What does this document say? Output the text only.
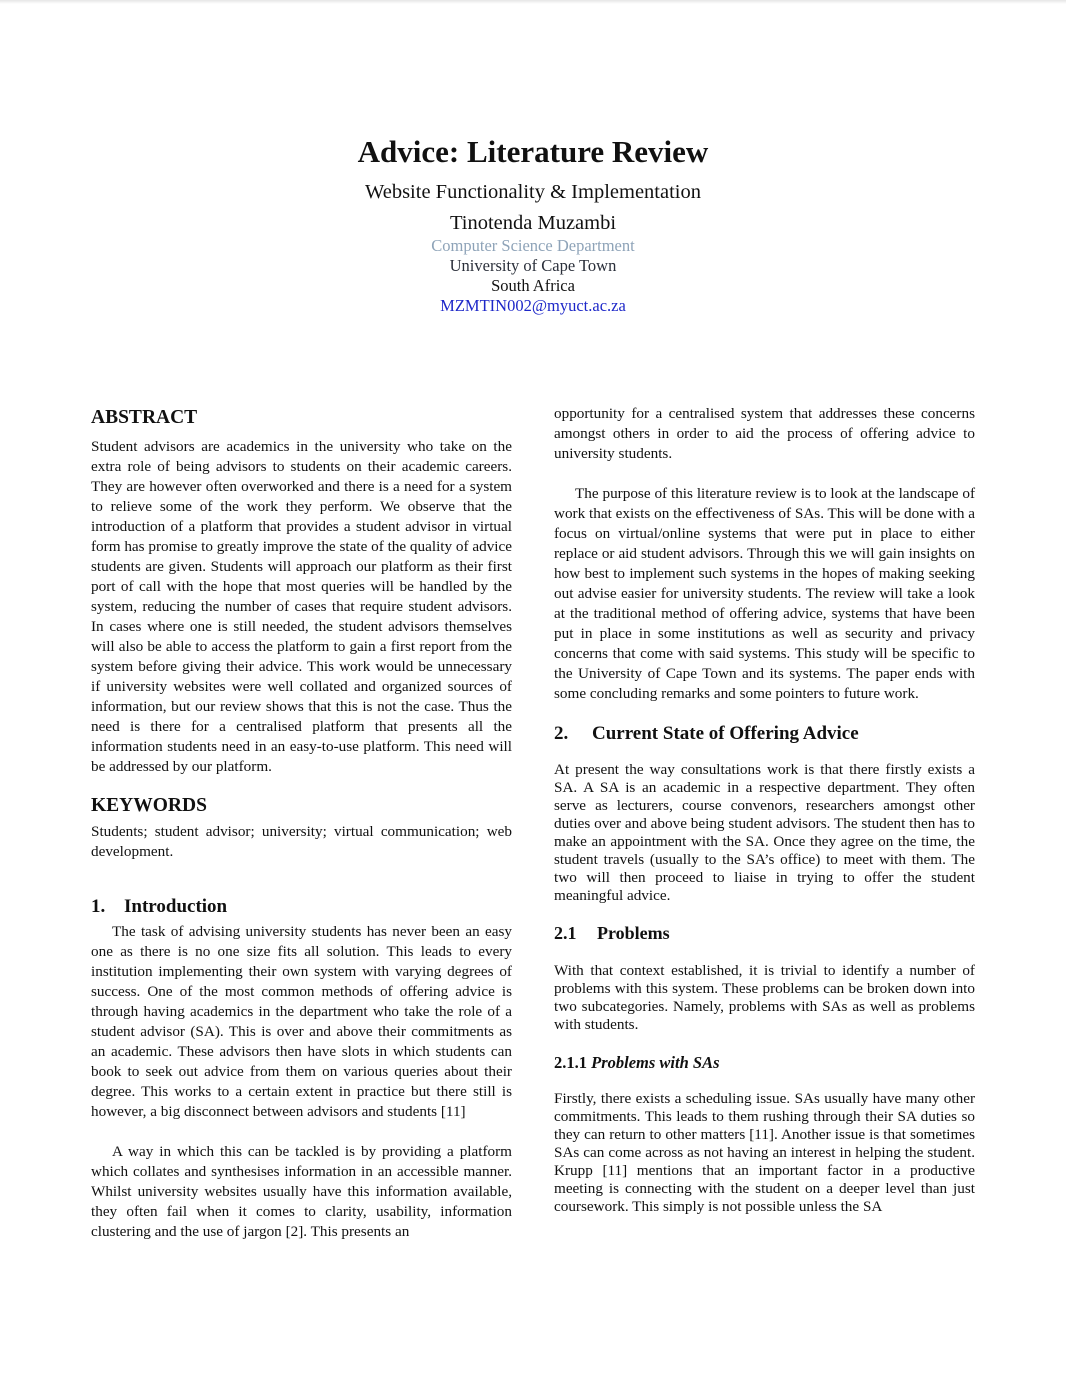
Advice: Literature Review
Website Functionality & Implementation
Tinotenda Muzambi
Computer Science Department
University of Cape Town
South Africa
MZMTIN002@myuct.ac.za
ABSTRACT

Student advisors are academics in the university who take on the extra role of being advisors to students on their academic careers. They are however often overworked and there is a need for a system to relieve some of the work they perform. We observe that the introduction of a platform that provides a student advisor in virtual form has promise to greatly improve the state of the quality of advice students are given. Students will approach our platform as their first port of call with the hope that most queries will be handled by the system, reducing the number of cases that require student advisors. In cases where one is still needed, the student advisors themselves will also be able to access the platform to gain a first report from the system before giving their advice. This work would be unnecessary if university websites were well collated and organized sources of information, but our review shows that this is not the case. Thus the need is there for a centralised platform that presents all the information students need in an easy-to-use platform. This need will be addressed by our platform.

KEYWORDS

Students; student advisor; university; virtual communication; web development.

1. Introduction

The task of advising university students has never been an easy one as there is no one size fits all solution. This leads to every institution implementing their own system with varying degrees of success. One of the most common methods of offering advice is through having academics in the department who take the role of a student advisor (SA). This is over and above their commitments as an academic. These advisors then have slots in which students can book to seek out advice from them on various queries about their degree. This works to a certain extent in practice but there still is however, a big disconnect between advisors and students [11]

A way in which this can be tackled is by providing a platform which collates and synthesises information in an accessible manner. Whilst university websites usually have this information available, they often fail when it comes to clarity, usability, information clustering and the use of jargon [2]. This presents an

opportunity for a centralised system that addresses these concerns amongst others in order to aid the process of offering advice to university students.

The purpose of this literature review is to look at the landscape of work that exists on the effectiveness of SAs. This will be done with a focus on virtual/online systems that were put in place to either replace or aid student advisors. Through this we will gain insights on how best to implement such systems in the hopes of making seeking out advise easier for university students. The review will take a look at the traditional method of offering advice, systems that have been put in place in some institutions as well as security and privacy concerns that come with said systems. This study will be specific to the University of Cape Town and its systems. The paper ends with some concluding remarks and some pointers to future work.

2. Current State of Offering Advice

At present the way consultations work is that there firstly exists a SA. A SA is an academic in a respective department. They often serve as lecturers, course convenors, researchers amongst other duties over and above being student advisors. The student then has to make an appointment with the SA. Once they agree on the time, the student travels (usually to the SA’s office) to meet with them. The two will then proceed to liaise in trying to offer the student meaningful advice.

2.1 Problems

With that context established, it is trivial to identify a number of problems with this system. These problems can be broken down into two subcategories. Namely, problems with SAs as well as problems with students.

2.1.1 Problems with SAs

Firstly, there exists a scheduling issue. SAs usually have many other commitments. This leads to them rushing through their SA duties so they can return to other matters [11]. Another issue is that sometimes SAs can come across as not having an interest in helping the student. Krupp [11] mentions that an important factor in a productive meeting is connecting with the student on a deeper level than just coursework. This simply is not possible unless the SA
